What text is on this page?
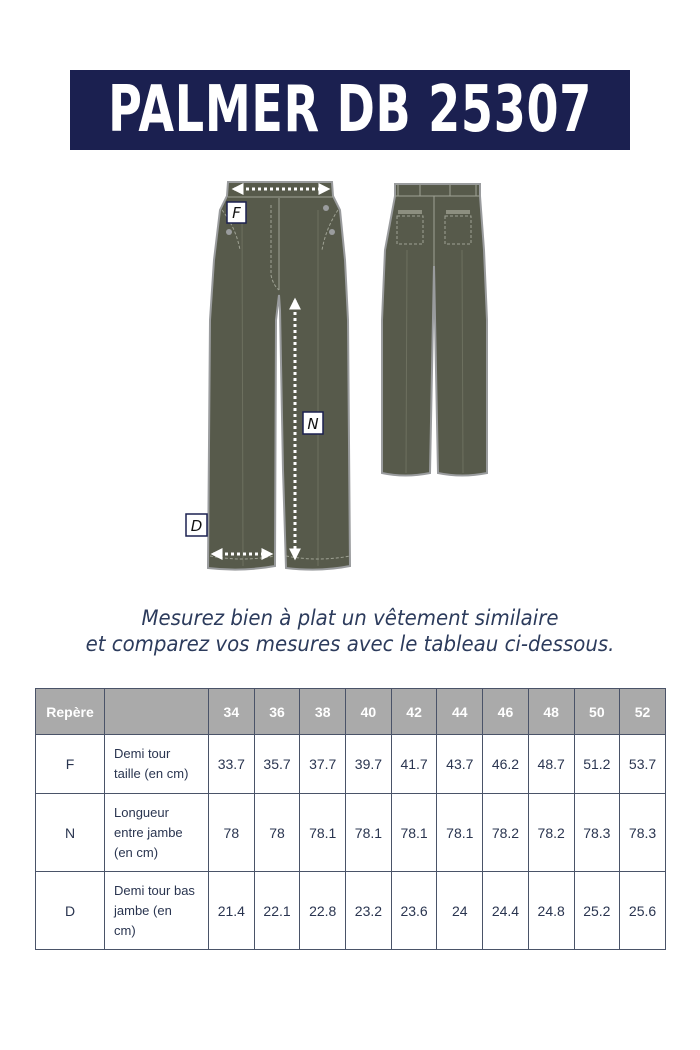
PALMER DB 25307
F
N
D
Mesurez bien à plat un vêtement similaire
et comparez vos mesures avec le tableau ci-dessous.
Repère		34	36	38	40	42	44	46	48	50	52
F	Demi tour
taille (en cm)	33.7	35.7	37.7	39.7	41.7	43.7	46.2	48.7	51.2	53.7
N	Longueur
entre jambe
(en cm)	78	78	78.1	78.1	78.1	78.1	78.2	78.2	78.3	78.3
D	Demi tour bas
jambe (en
cm)	21.4	22.1	22.8	23.2	23.6	24	24.4	24.8	25.2	25.6
